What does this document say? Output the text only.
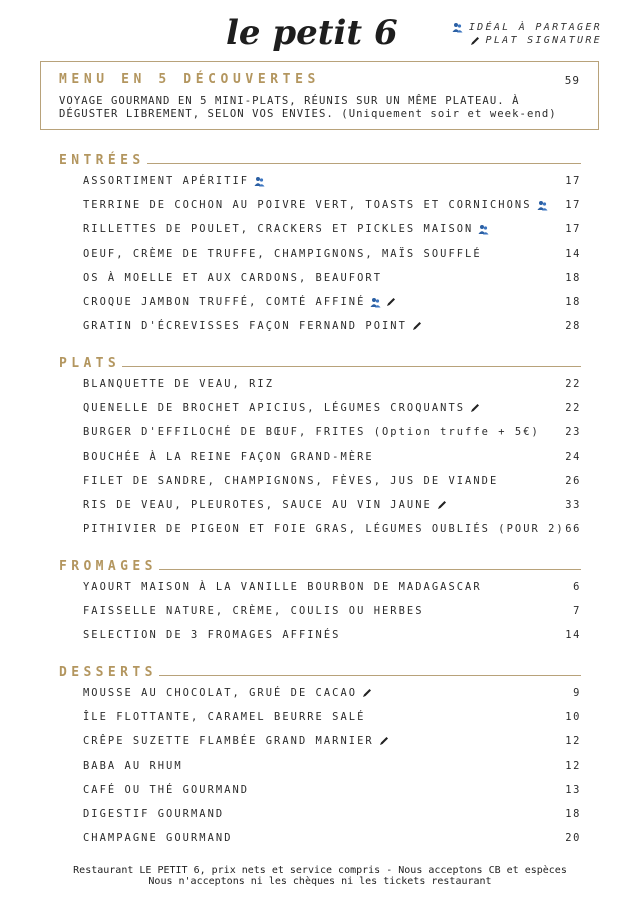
le petit 6	IDÉAL À PARTAGER
PLAT SIGNATURE
MENU EN 5 DÉCOUVERTES	59
VOYAGE GOURMAND EN 5 MINI-PLATS, RÉUNIS SUR UN MÊME PLATEAU. À
DÉGUSTER LIBREMENT, SELON VOS ENVIES. (Uniquement soir et week-end)
ENTRÉES
ASSORTIMENT APÉRITIF	17
TERRINE DE COCHON AU POIVRE VERT, TOASTS ET CORNICHONS	17
RILLETTES DE POULET, CRACKERS ET PICKLES MAISON	17
OEUF, CRÈME DE TRUFFE, CHAMPIGNONS, MAÏS SOUFFLÉ	14
OS À MOELLE ET AUX CARDONS, BEAUFORT	18
CROQUE JAMBON TRUFFÉ, COMTÉ AFFINÉ	18
GRATIN D'ÉCREVISSES FAÇON FERNAND POINT	28
PLATS
BLANQUETTE DE VEAU, RIZ	22
QUENELLE DE BROCHET APICIUS, LÉGUMES CROQUANTS	22
BURGER D'EFFILOCHÉ DE BŒUF, FRITES (Option truffe + 5€) 23
BOUCHÉE À LA REINE FAÇON GRAND-MÈRE	24
FILET DE SANDRE, CHAMPIGNONS, FÈVES, JUS DE VIANDE	26
RIS DE VEAU, PLEUROTES, SAUCE AU VIN JAUNE	33
PITHIVIER DE PIGEON ET FOIE GRAS, LÉGUMES OUBLIÉS (POUR 2) 66
FROMAGES
YAOURT MAISON À LA VANILLE BOURBON DE MADAGASCAR	6
FAISSELLE NATURE, CRÈME, COULIS OU HERBES	7
SELECTION DE 3 FROMAGES AFFINÉS	14
DESSERTS
MOUSSE AU CHOCOLAT, GRUÉ DE CACAO	9
ÎLE FLOTTANTE, CARAMEL BEURRE SALÉ	10
CRÊPE SUZETTE FLAMBÉE GRAND MARNIER	12
BABA AU RHUM	12
CAFÉ OU THÉ GOURMAND	13
DIGESTIF GOURMAND	18
CHAMPAGNE GOURMAND	20
Restaurant LE PETIT 6, prix nets et service compris - Nous acceptons CB et espèces
Nous n'acceptons ni les chèques ni les tickets restaurant
